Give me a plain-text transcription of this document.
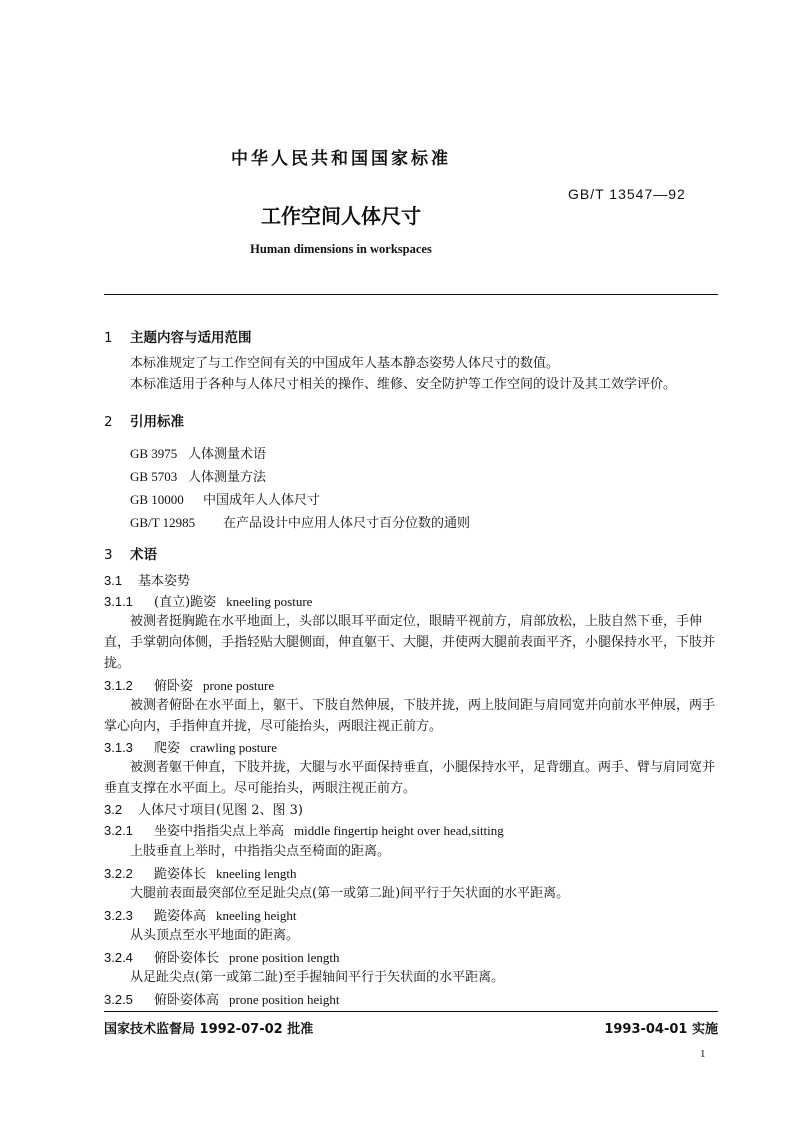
中华人民共和国国家标准
GB/T 13547—92
工作空间人体尺寸
Human dimensions in workspaces
1 主题内容与适用范围
本标准规定了与工作空间有关的中国成年人基本静态姿势人体尺寸的数值。
本标准适用于各种与人体尺寸相关的操作、维修、安全防护等工作空间的设计及其工效学评价。
2 引用标准
GB 3975 人体测量术语
GB 5703 人体测量方法
GB 10000 中国成年人人体尺寸
GB/T 12985 在产品设计中应用人体尺寸百分位数的通则
3 术语
3.1 基本姿势
3.1.1 (直立)跪姿 kneeling posture
被测者挺胸跪在水平地面上，头部以眼耳平面定位，眼睛平视前方，肩部放松，上肢自然下垂，手伸直，手掌朝向体侧，手指轻贴大腿侧面，伸直躯干、大腿，并使两大腿前表面平齐，小腿保持水平，下肢并拢。
3.1.2 俯卧姿 prone posture
被测者俯卧在水平面上，躯干、下肢自然伸展，下肢并拢，两上肢间距与肩同宽并向前水平伸展，两手掌心向内，手指伸直并拢，尽可能抬头，两眼注视正前方。
3.1.3 爬姿 crawling posture
被测者躯干伸直，下肢并拢，大腿与水平面保持垂直，小腿保持水平，足背绷直。两手、臂与肩同宽并垂直支撑在水平面上。尽可能抬头，两眼注视正前方。
3.2 人体尺寸项目(见图 2、图 3)
3.2.1 坐姿中指指尖点上举高 middle fingertip height over head,sitting
上肢垂直上举时，中指指尖点至椅面的距离。
3.2.2 跪姿体长 kneeling length
大腿前表面最突部位至足趾尖点(第一或第二趾)间平行于矢状面的水平距离。
3.2.3 跪姿体高 kneeling height
从头顶点至水平地面的距离。
3.2.4 俯卧姿体长 prone position length
从足趾尖点(第一或第二趾)至手握轴间平行于矢状面的水平距离。
3.2.5 俯卧姿体高 prone position height
国家技术监督局 1992-07-02 批准	1993-04-01 实施
1
